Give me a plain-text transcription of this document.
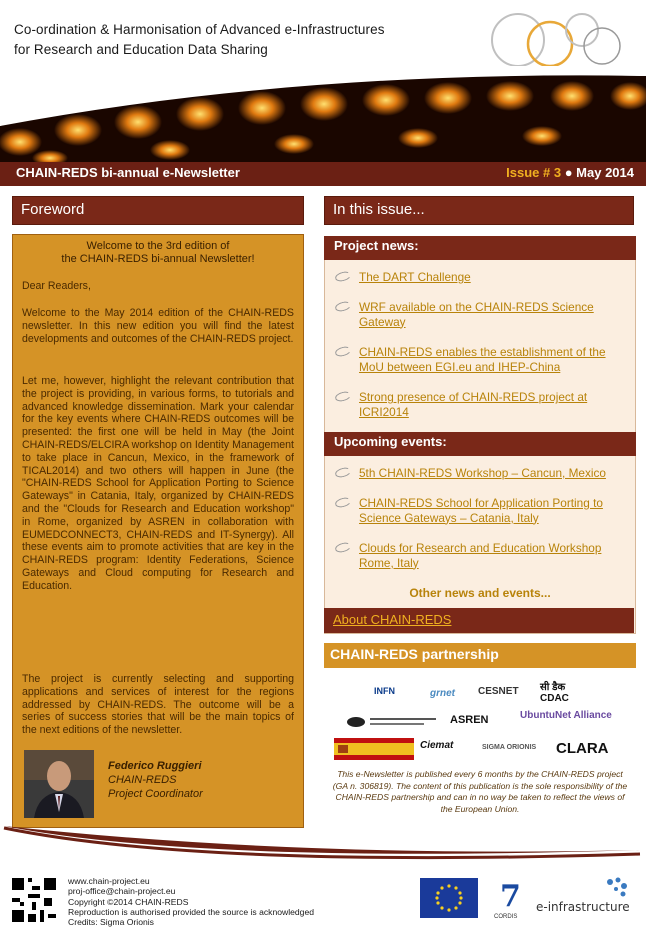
Co-ordination & Harmonisation of Advanced e-Infrastructures
for Research and Education Data Sharing
CHAIN-REDS bi-annual e-Newsletter	Issue # 3 ● May 2014
Foreword
Welcome to the 3rd edition of
the CHAIN-REDS bi-annual Newsletter!
Dear Readers,
Welcome to the May 2014 edition of the CHAIN-REDS newsletter. In this new edition you will find the latest developments and outcomes of the CHAIN-REDS project.
Let me, however, highlight the relevant contribution that the project is providing, in various forms, to tutorials and advanced knowledge dissemination. Mark your calendar for the key events where CHAIN-REDS outcomes will be presented: the first one will be held in May (the Joint CHAIN-REDS/ELCIRA workshop on Identity Management to take place in Cancun, Mexico, in the framework of TICAL2014) and two others will happen in June (the "CHAIN-REDS School for Application Porting to Science Gateways" in Catania, Italy, organized by CHAIN-REDS and the "Clouds for Research and Education workshop" in Rome, organized by ASREN in collaboration with EUMEDCONNECT3, CHAIN-REDS and IT-Synergy). All these events aim to promote activities that are key in the CHAIN-REDS program: Identity Federations, Science Gateways and Cloud computing for Research and Education.
The project is currently selecting and supporting applications and services of interest for the regions addressed by CHAIN-REDS. The outcome will be a series of success stories that will be the main topics of the next editions of the newsletter.
Federico Ruggieri
CHAIN-REDS
Project Coordinator
In this issue...
Project news:
The DART Challenge
WRF available on the CHAIN-REDS Science Gateway
CHAIN-REDS enables the establishment of the MoU between EGI.eu and IHEP-China
Strong presence of CHAIN-REDS project at ICRI2014
Upcoming events:
5th CHAIN-REDS Workshop – Cancun, Mexico
CHAIN-REDS School for Application Porting to Science Gateways – Catania, Italy
Clouds for Research and Education Workshop Rome, Italy
Other news and events...
About CHAIN-REDS
CHAIN-REDS partnership
INFN	grnet CESNET सी डैक CDAC
ASREN	UbuntuNet Alliance
Ciemat	SIGMA ORIONIS CLARA
This e-Newsletter is published every 6 months by the CHAIN-REDS project (GA n. 306819). The content of this publication is the sole responsibility of the CHAIN-REDS partnership and can in no way be taken to reflect the views of the European Union.
www.chain-project.eu
proj-office@chain-project.eu
Copyright ©2014 CHAIN-REDS
Reproduction is authorised provided the source is acknowledged
Credits: Sigma Orionis
7
CORDIS
e-infrastructure
